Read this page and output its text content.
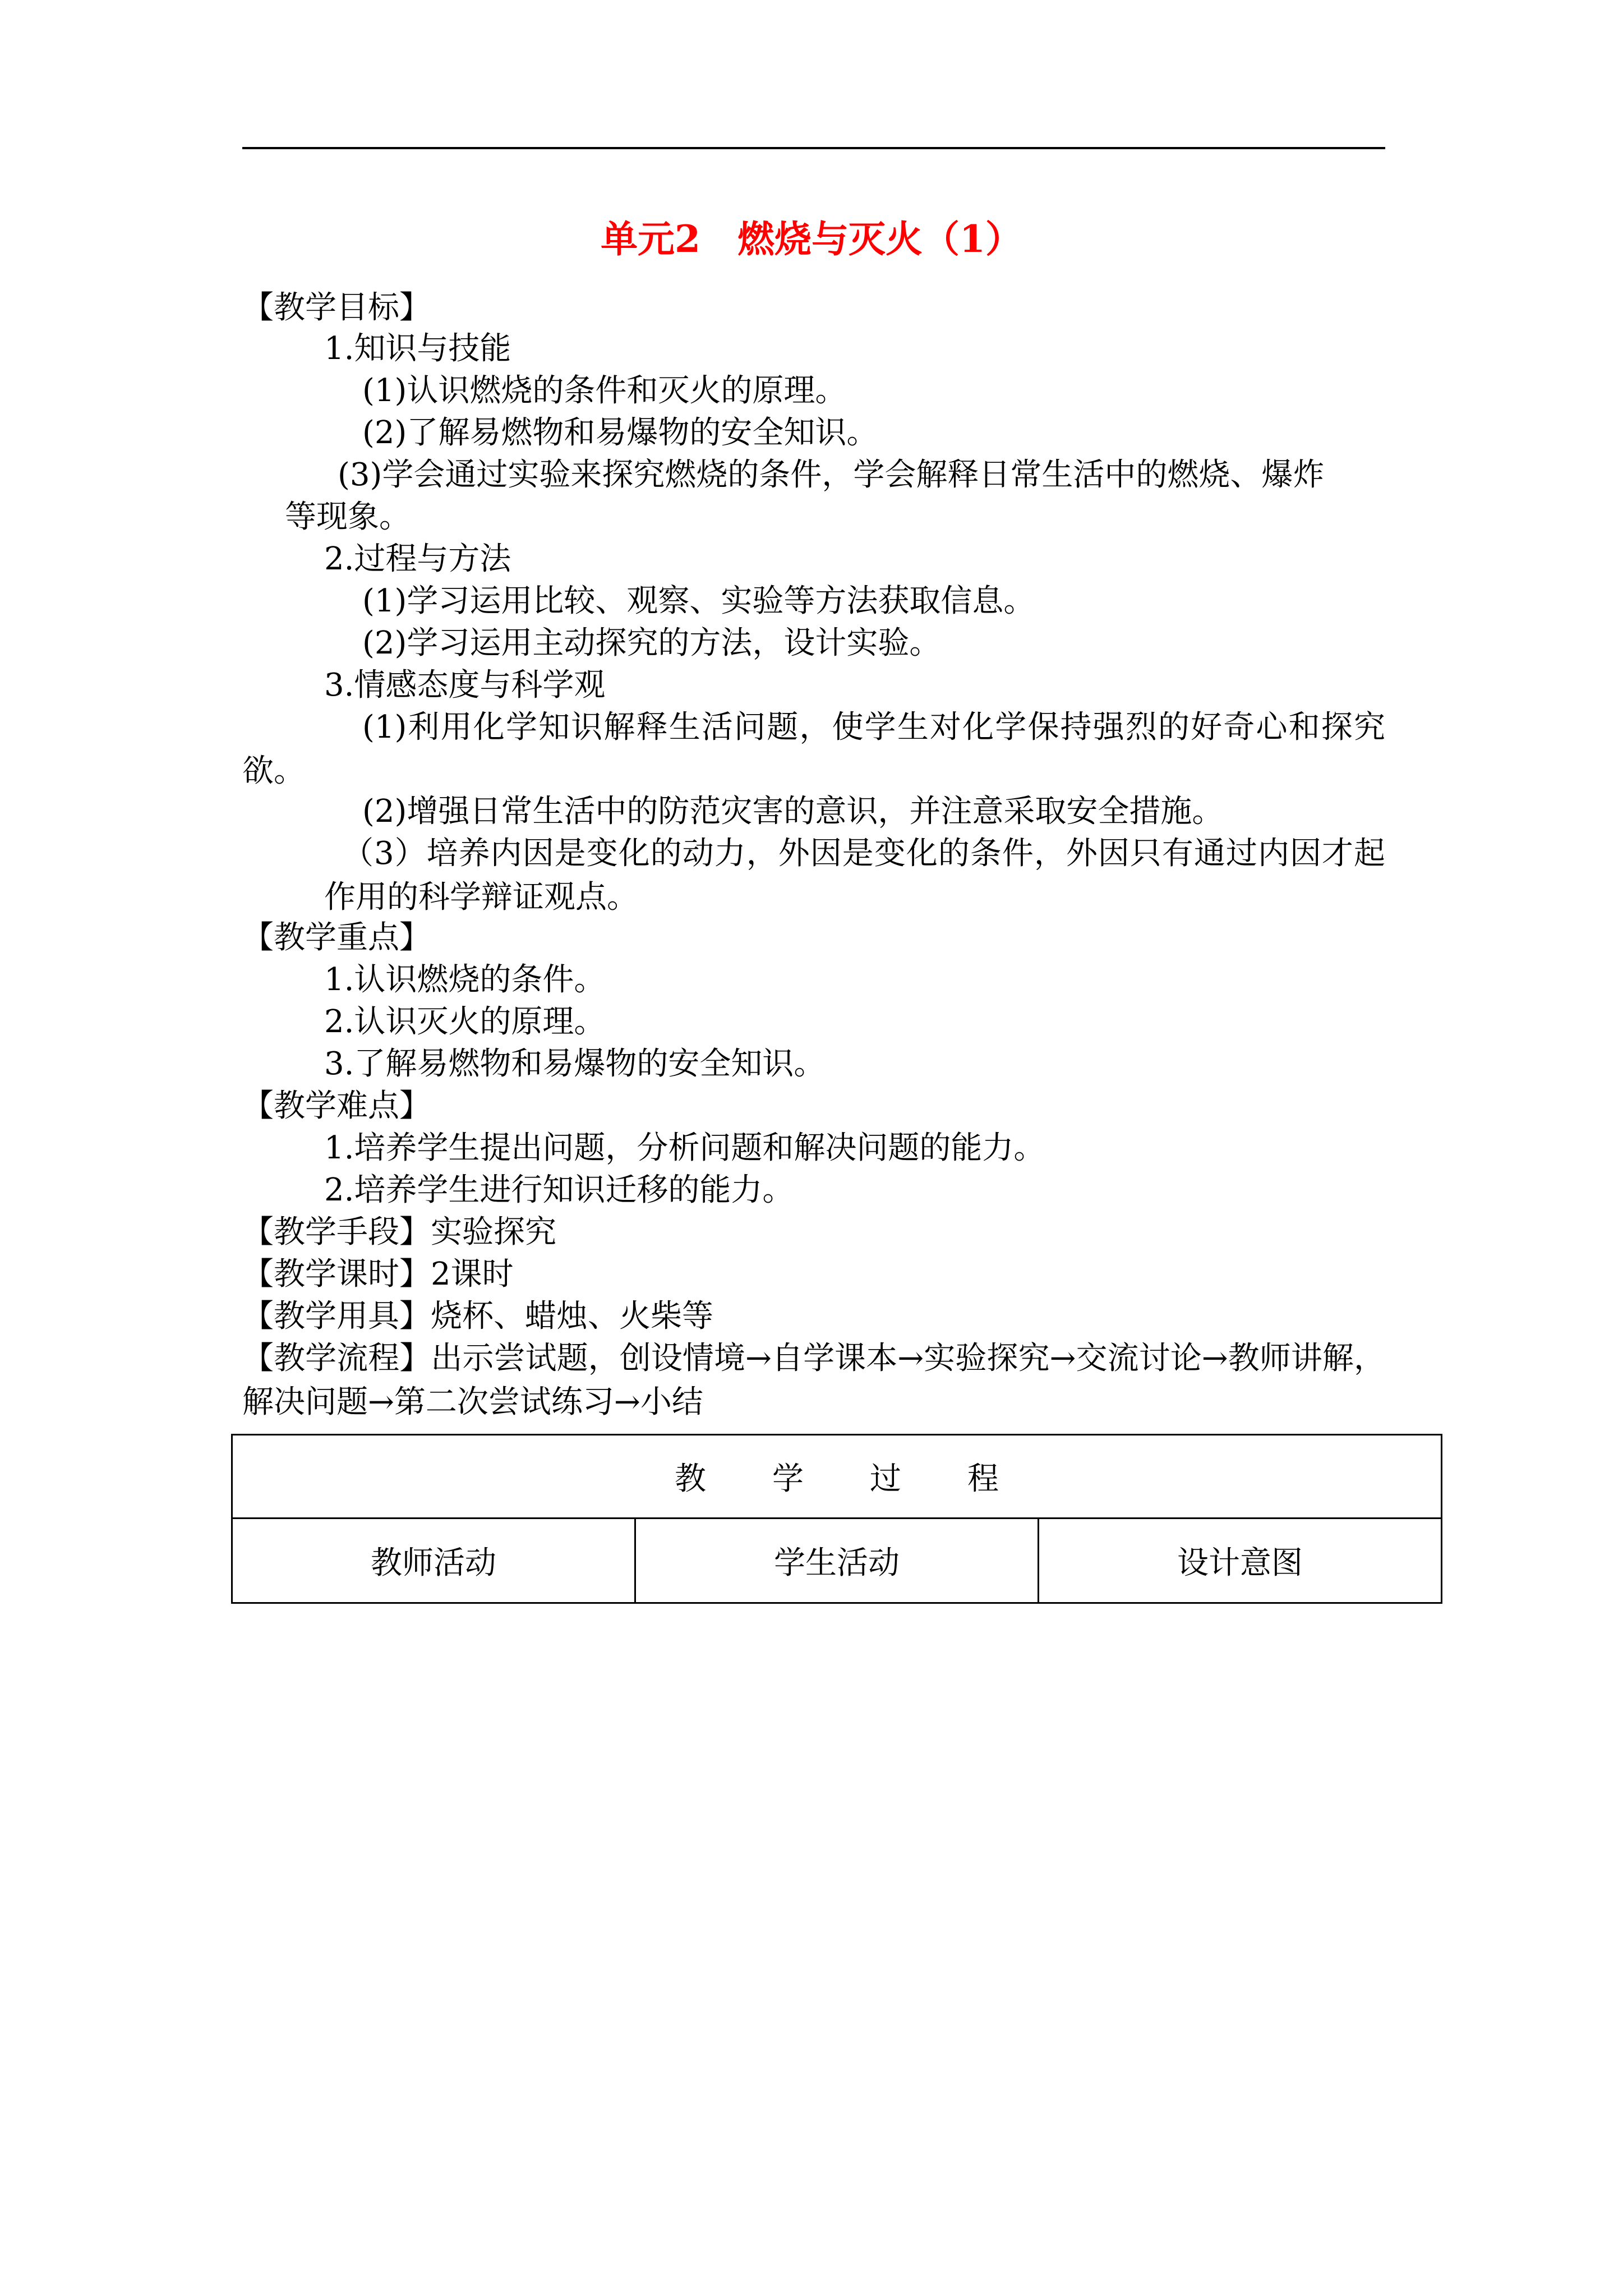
单元2　燃烧与灭火（1）

【教学目标】

1.知识与技能

(1)认识燃烧的条件和灭火的原理。

(2)了解易燃物和易爆物的安全知识。

(3)学会通过实验来探究燃烧的条件，学会解释日常生活中的燃烧、爆炸

等现象。

2.过程与方法

(1)学习运用比较、观察、实验等方法获取信息。

(2)学习运用主动探究的方法，设计实验。

3.情感态度与科学观

(1)利用化学知识解释生活问题，使学生对化学保持强烈的好奇心和探究欲。

(2)增强日常生活中的防范灾害的意识，并注意采取安全措施。

（3）培养内因是变化的动力，外因是变化的条件，外因只有通过内因才起作用的科学辩证观点。

【教学重点】

1.认识燃烧的条件。

2.认识灭火的原理。

3.了解易燃物和易爆物的安全知识。

【教学难点】

1.培养学生提出问题，分析问题和解决问题的能力。

2.培养学生进行知识迁移的能力。

【教学手段】实验探究

【教学课时】2课时

【教学用具】烧杯、蜡烛、火柴等

【教学流程】出示尝试题，创设情境→自学课本→实验探究→交流讨论→教师讲解，解决问题→第二次尝试练习→小结

教学过程
教师活动	学生活动	设计意图
